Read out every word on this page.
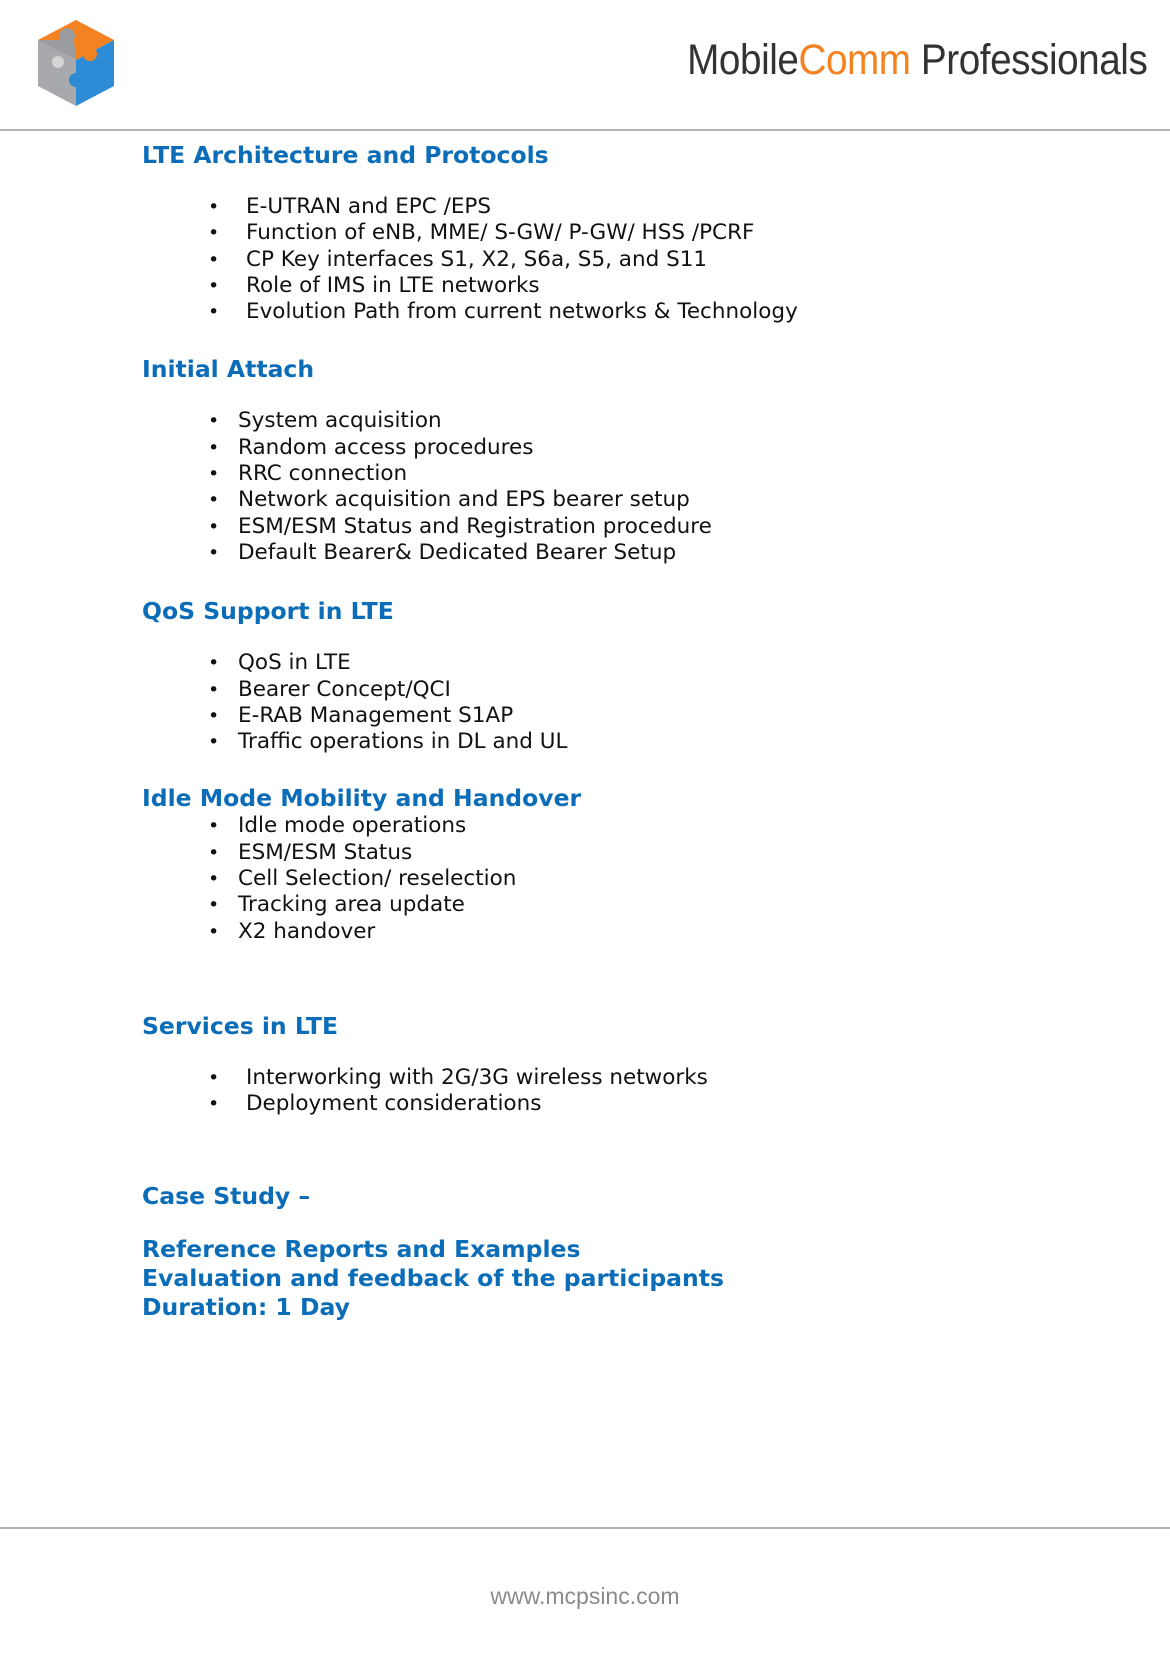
MobileComm Professionals
LTE Architecture and Protocols
• E-UTRAN and EPC /EPS
• Function of eNB, MME/ S-GW/ P-GW/ HSS /PCRF
• CP Key interfaces S1, X2, S6a, S5, and S11
• Role of IMS in LTE networks
• Evolution Path from current networks & Technology
Initial Attach
• System acquisition
• Random access procedures
• RRC connection
• Network acquisition and EPS bearer setup
• ESM/ESM Status and Registration procedure
• Default Bearer& Dedicated Bearer Setup
QoS Support in LTE
• QoS in LTE
• Bearer Concept/QCI
• E-RAB Management S1AP
• Traffic operations in DL and UL
Idle Mode Mobility and Handover
• Idle mode operations
• ESM/ESM Status
• Cell Selection/ reselection
• Tracking area update
• X2 handover
Services in LTE
• Interworking with 2G/3G wireless networks
• Deployment considerations
Case Study –
Reference Reports and Examples
Evaluation and feedback of the participants
Duration: 1 Day
www.mcpsinc.com
